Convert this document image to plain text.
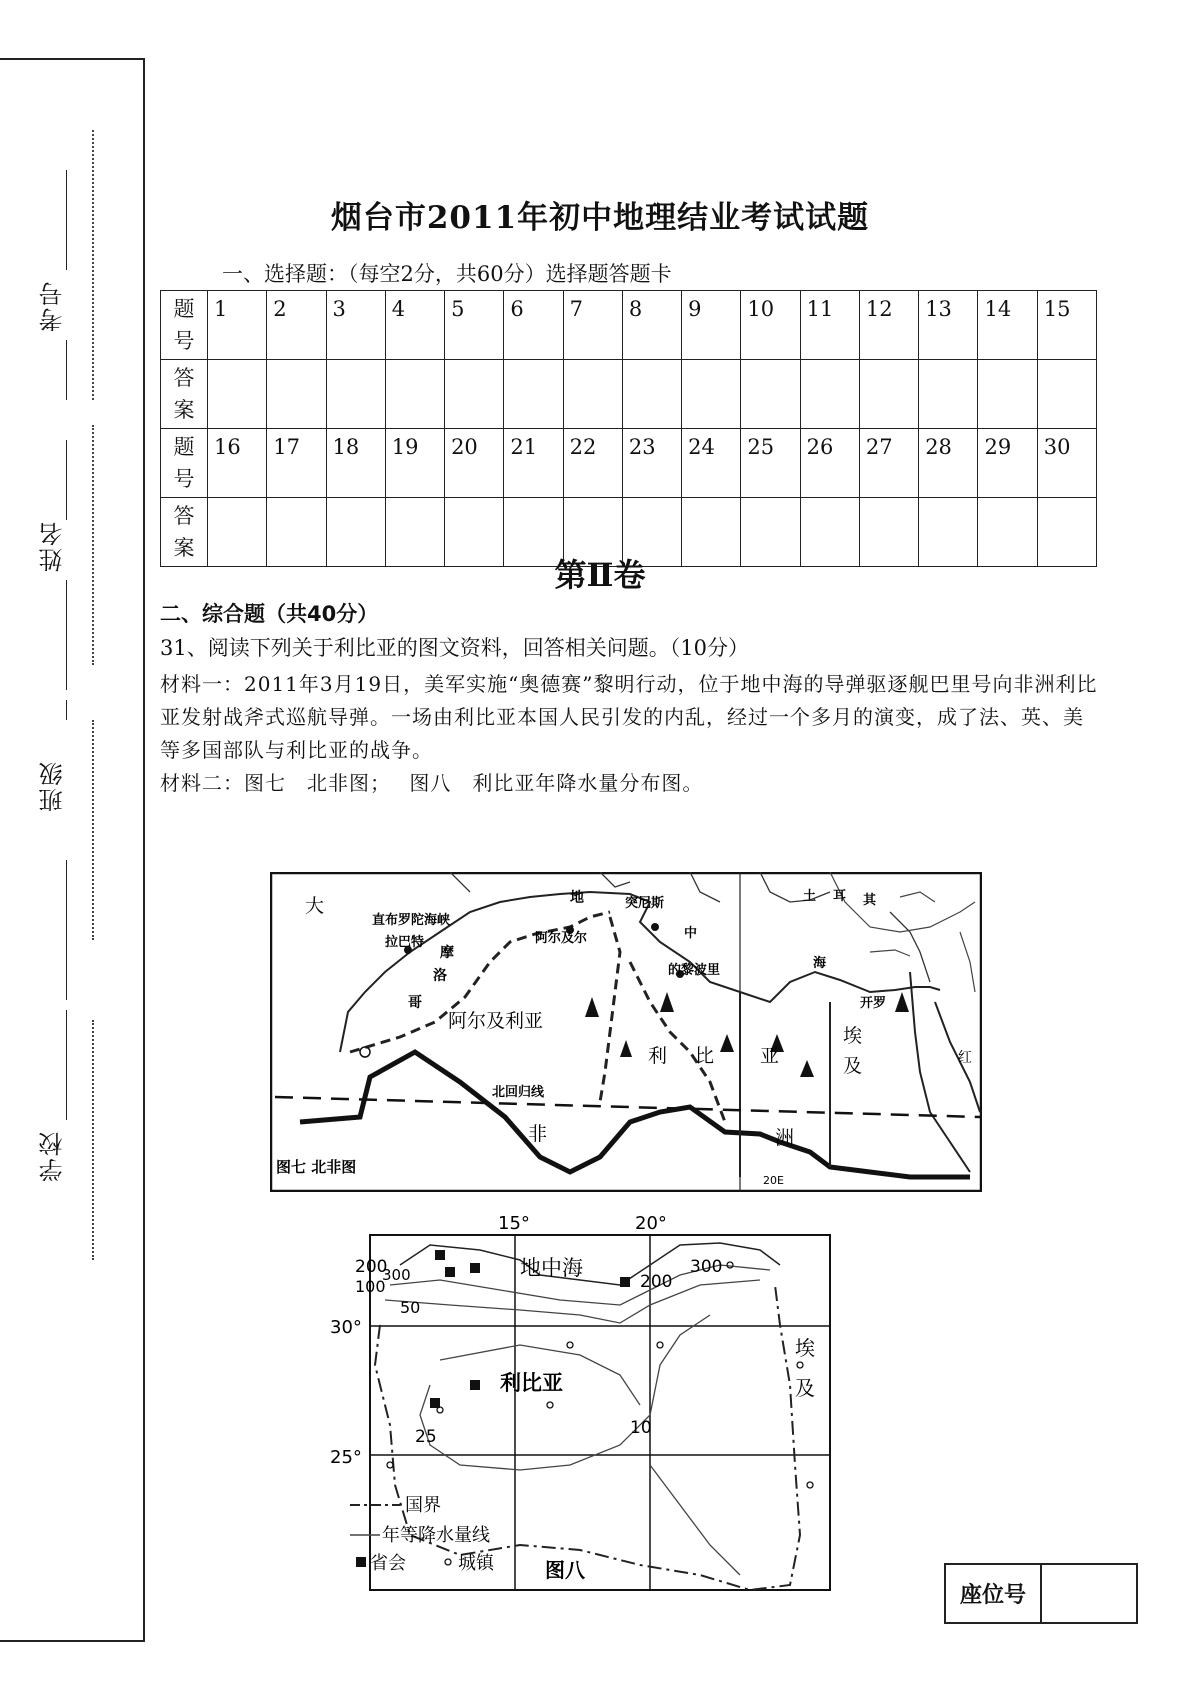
考号
姓名
班级
学校
烟台市2011年初中地理结业考试试题
一、选择题：（每空2分，共60分）选择题答题卡
题号	1	2	3	4	5	6	7	8	9	10	11	12	13	14	15
答案															
题号	16	17	18	19	20	21	22	23	24	25	26	27	28	29	30
答案															
第Ⅱ卷
二、综合题（共40分）
31、阅读下列关于利比亚的图文资料，回答相关问题。（10分）

材料一：2011年3月19日，美军实施“奥德赛”黎明行动，位于地中海的导弹驱逐舰巴里号向非洲利比亚发射战斧式巡航导弹。一场由利比亚本国人民引发的内乱，经过一个多月的演变，成了法、英、美等多国部队与利比亚的战争。

材料二：图七　北非图；　 图八　利比亚年降水量分布图。

大	地	突尼斯
直布罗陀海峡
阿尔及尔
拉巴特
摩
洛
哥
中
的黎波里
土 耳 其
海
开罗
阿尔及利亚
利 比 亚
埃
及	红
北回归线
非	洲
图七 北非图
20E
15°	20°
30°
25°
地中海
利比亚
埃
及
200
300
100
50
200
300
25	10
国界
年等降水量线
省会	城镇	图八
座位号
